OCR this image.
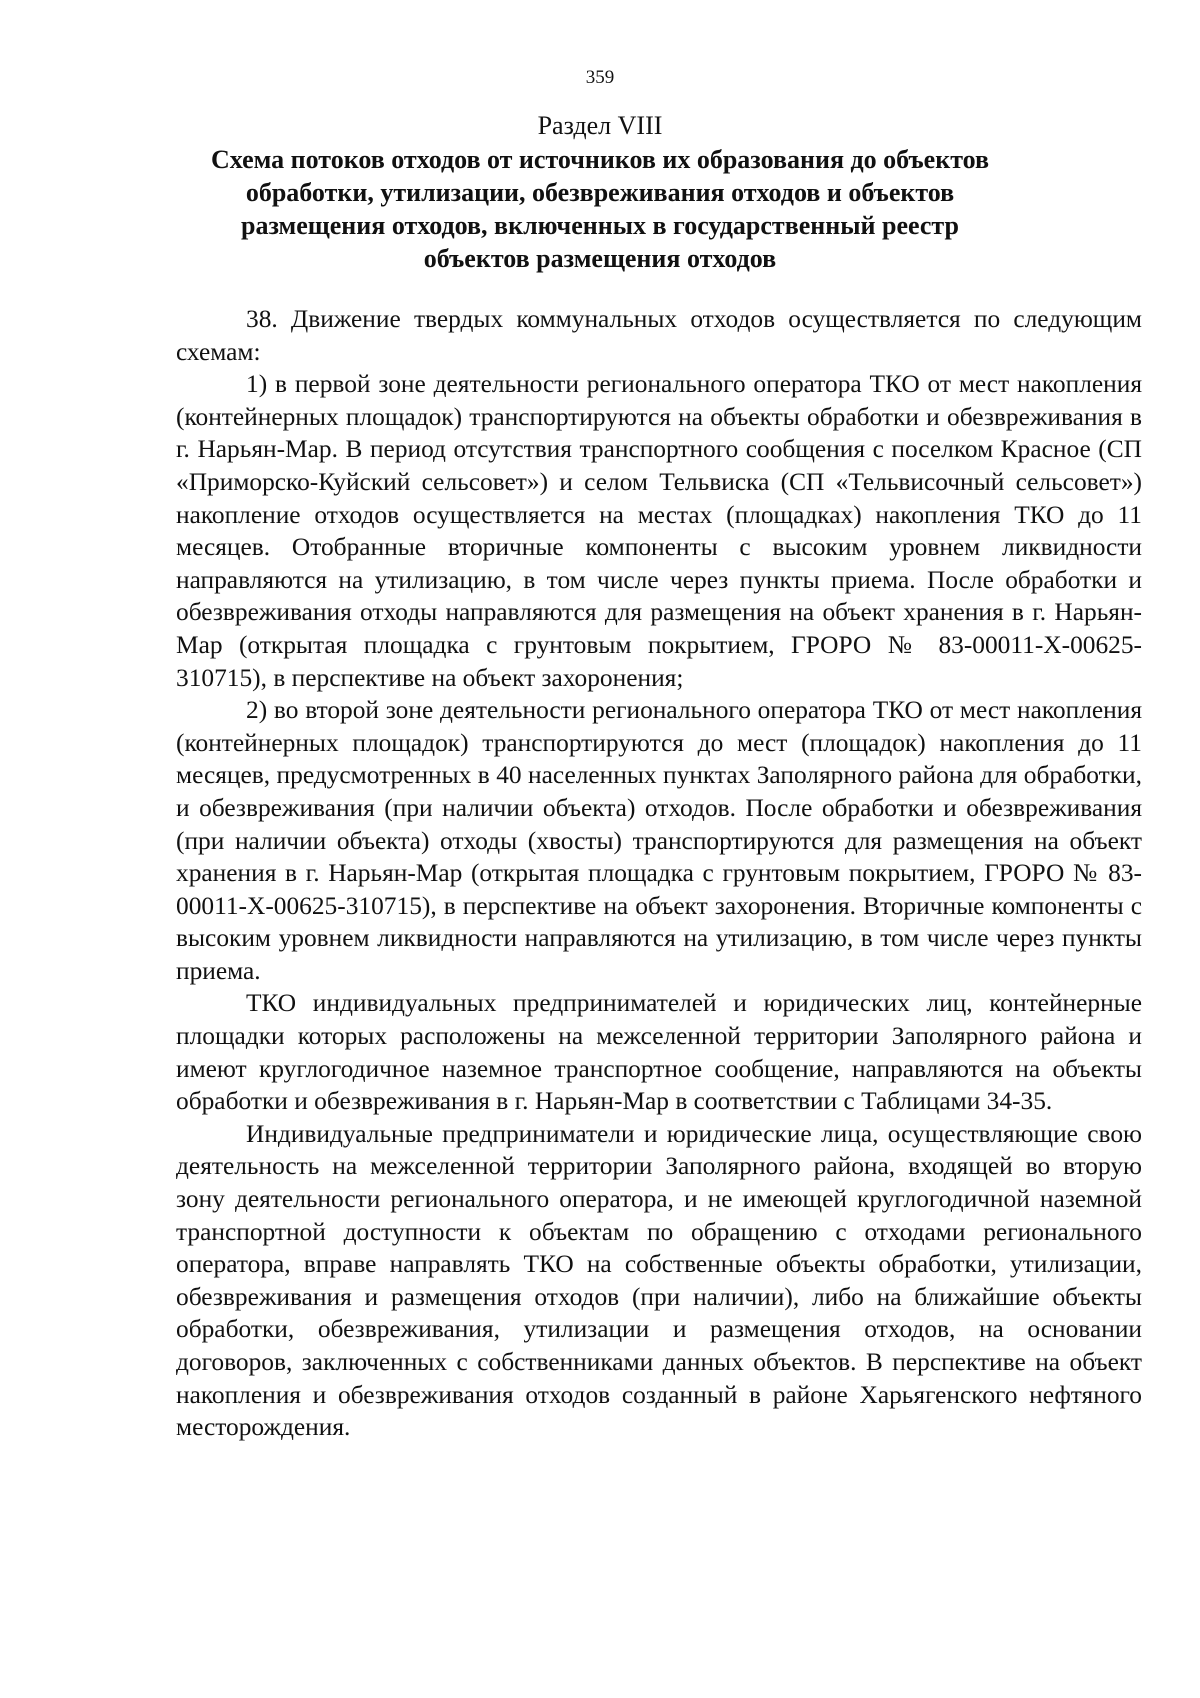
359
Раздел VIII
Схема потоков отходов от источников их образования до объектов обработки, утилизации, обезвреживания отходов и объектов размещения отходов, включенных в государственный реестр объектов размещения отходов

38. Движение твердых коммунальных отходов осуществляется по следующим схемам:

1) в первой зоне деятельности регионального оператора ТКО от мест накопления (контейнерных площадок) транспортируются на объекты обработки и обезвреживания в г. Нарьян-Мар. В период отсутствия транспортного сообщения с поселком Красное (СП «Приморско-Куйский сельсовет») и селом Тельвиска (СП «Тельвисочный сельсовет») накопление отходов осуществляется на местах (площадках) накопления ТКО до 11 месяцев. Отобранные вторичные компоненты с высоким уровнем ликвидности направляются на утилизацию, в том числе через пункты приема. После обработки и обезвреживания отходы направляются для размещения на объект хранения в г. Нарьян-Мар (открытая площадка с грунтовым покрытием, ГРОРО № 83-00011-Х-00625-310715), в перспективе на объект захоронения;

2) во второй зоне деятельности регионального оператора ТКО от мест накопления (контейнерных площадок) транспортируются до мест (площадок) накопления до 11 месяцев, предусмотренных в 40 населенных пунктах Заполярного района для обработки, и обезвреживания (при наличии объекта) отходов. После обработки и обезвреживания (при наличии объекта) отходы (хвосты) транспортируются для размещения на объект хранения в г. Нарьян-Мар (открытая площадка с грунтовым покрытием, ГРОРО № 83-00011-Х-00625-310715), в перспективе на объект захоронения. Вторичные компоненты с высоким уровнем ликвидности направляются на утилизацию, в том числе через пункты приема.

ТКО индивидуальных предпринимателей и юридических лиц, контейнерные площадки которых расположены на межселенной территории Заполярного района и имеют круглогодичное наземное транспортное сообщение, направляются на объекты обработки и обезвреживания в г. Нарьян-Мар в соответствии с Таблицами 34-35.

Индивидуальные предприниматели и юридические лица, осуществляющие свою деятельность на межселенной территории Заполярного района, входящей во вторую зону деятельности регионального оператора, и не имеющей круглогодичной наземной транспортной доступности к объектам по обращению с отходами регионального оператора, вправе направлять ТКО на собственные объекты обработки, утилизации, обезвреживания и размещения отходов (при наличии), либо на ближайшие объекты обработки, обезвреживания, утилизации и размещения отходов, на основании договоров, заключенных с собственниками данных объектов. В перспективе на объект накопления и обезвреживания отходов созданный в районе Харьягенского нефтяного месторождения.
